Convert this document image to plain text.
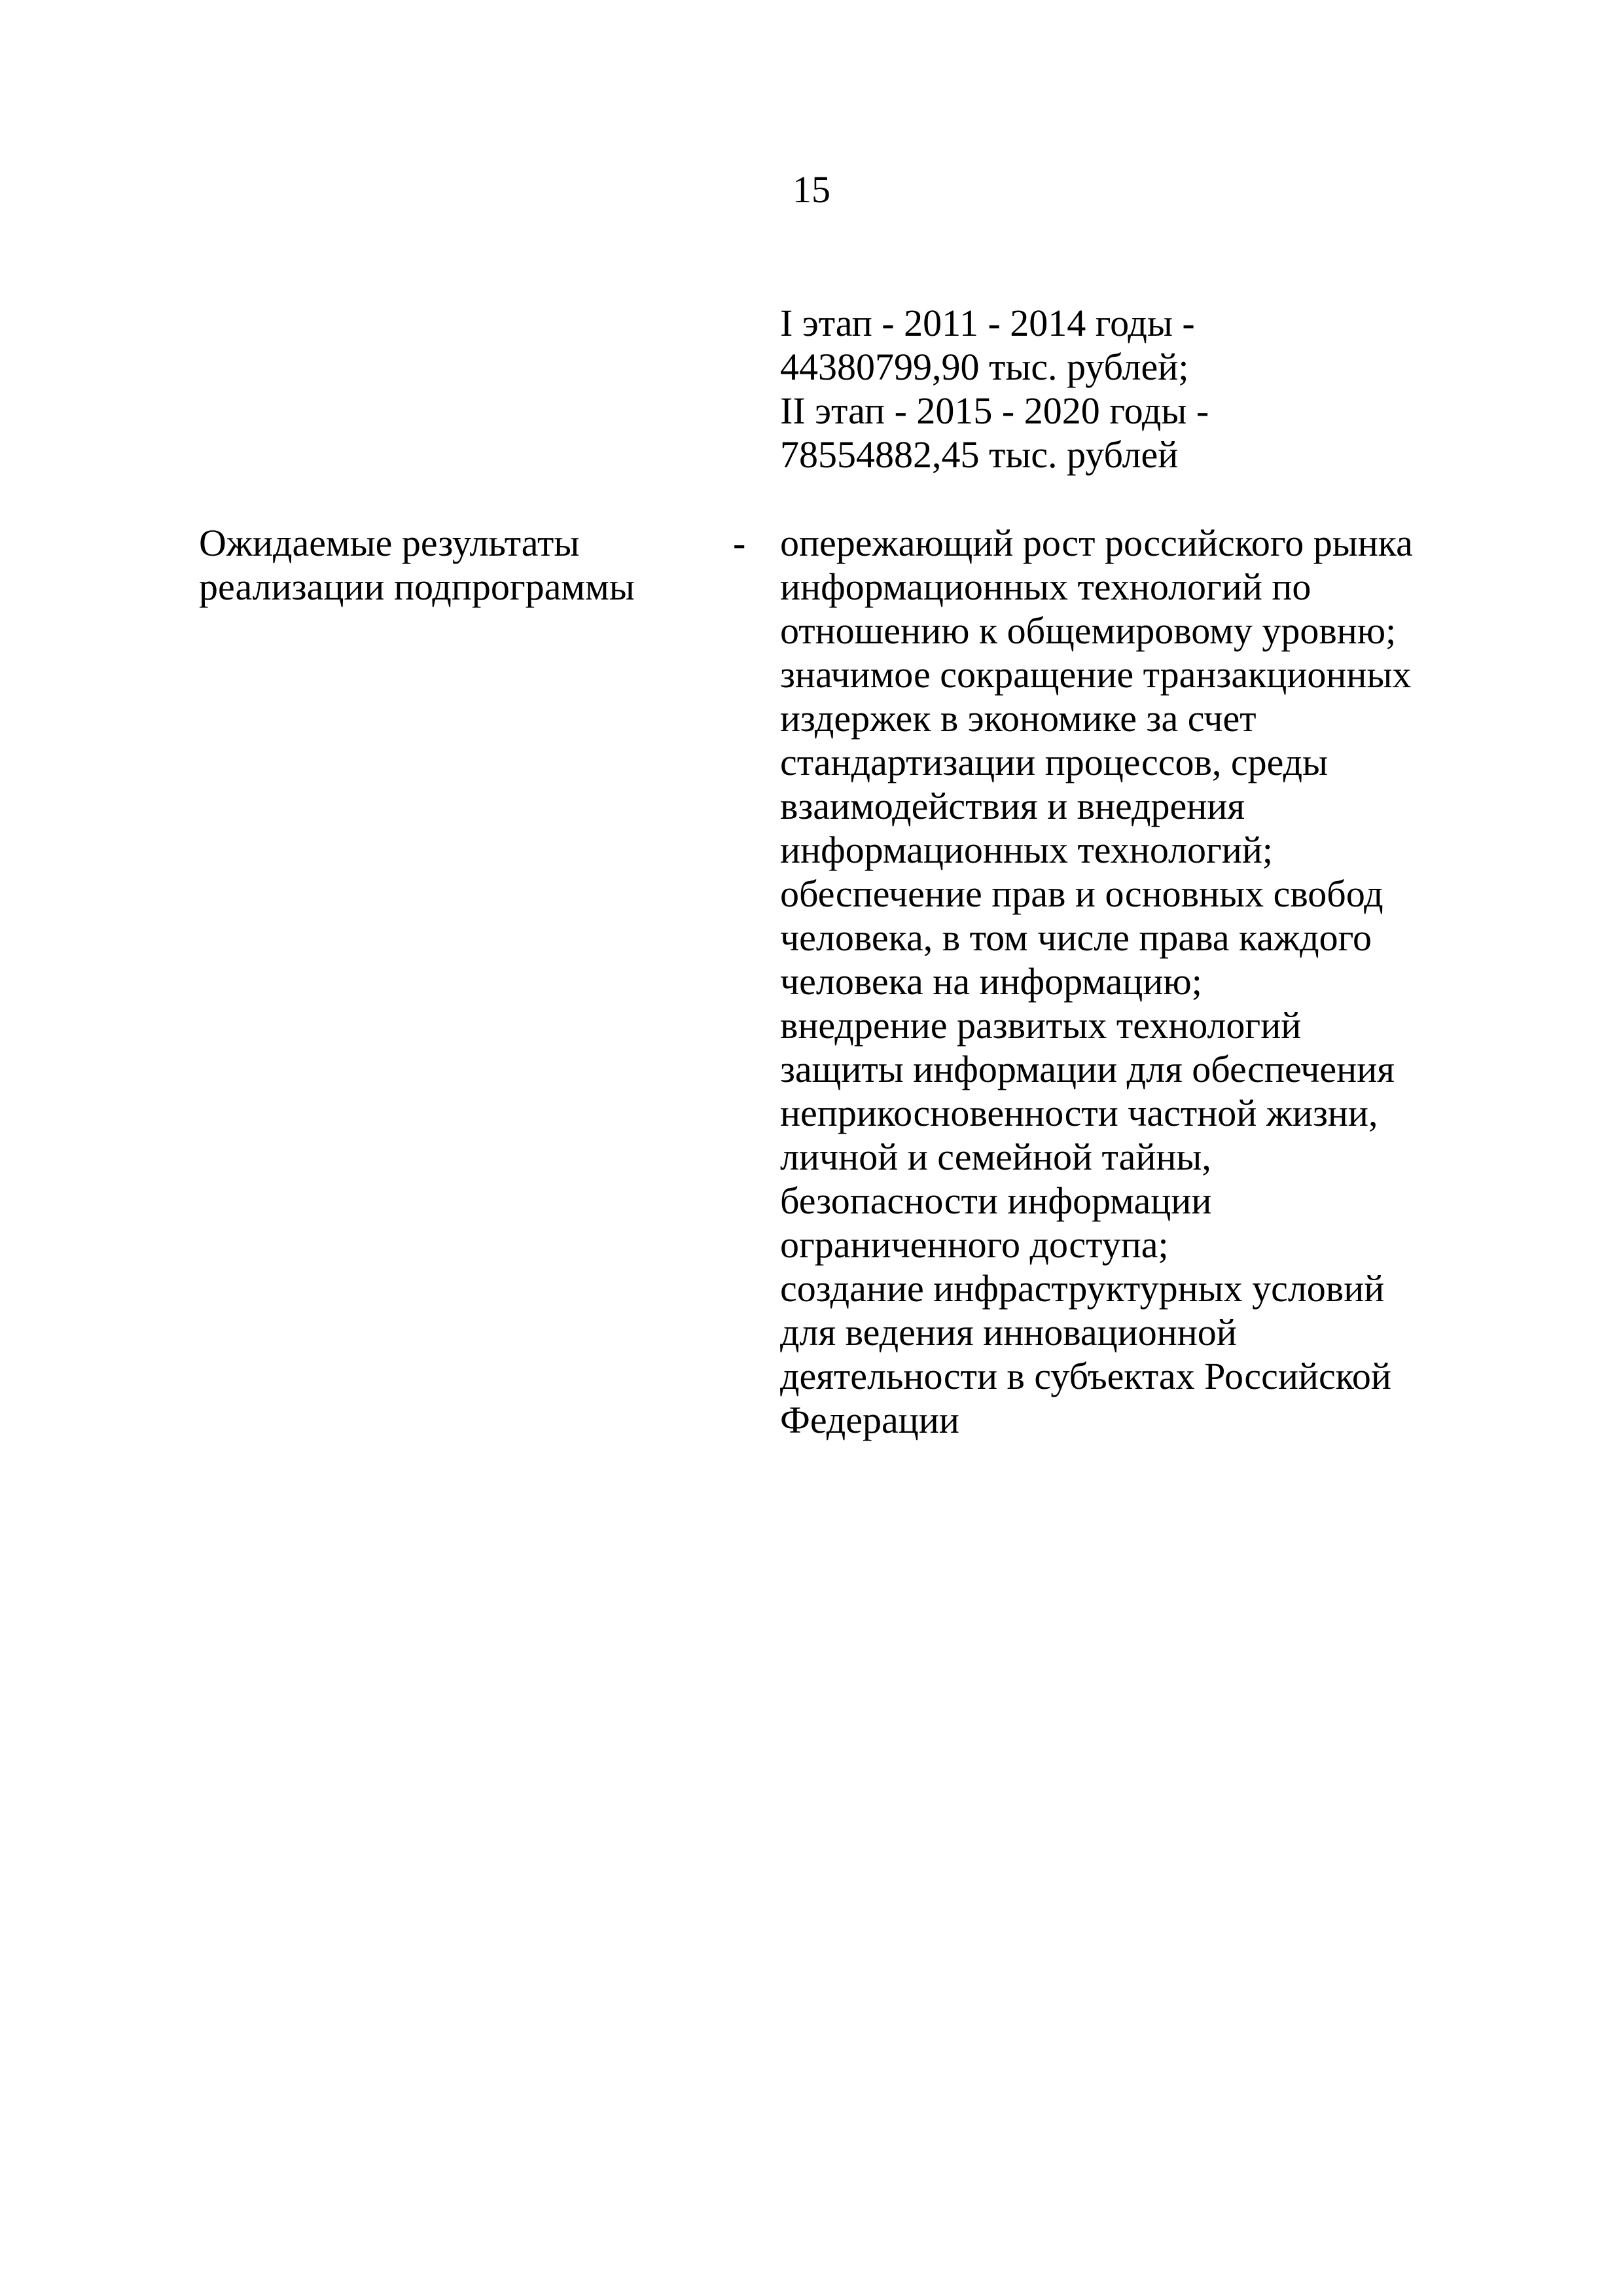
15
I этап - 2011 - 2014 годы -
44380799,90 тыс. рублей;
II этап - 2015 - 2020 годы -
78554882,45 тыс. рублей
Ожидаемые результаты
реализации подпрограммы
- опережающий рост российского рынка
информационных технологий по
отношению к общемировому уровню;
значимое сокращение транзакционных
издержек в экономике за счет
стандартизации процессов, среды
взаимодействия и внедрения
информационных технологий;
обеспечение прав и основных свобод
человека, в том числе права каждого
человека на информацию;
внедрение развитых технологий
защиты информации для обеспечения
неприкосновенности частной жизни,
личной и семейной тайны,
безопасности информации
ограниченного доступа;
создание инфраструктурных условий
для ведения инновационной
деятельности в субъектах Российской
Федерации
